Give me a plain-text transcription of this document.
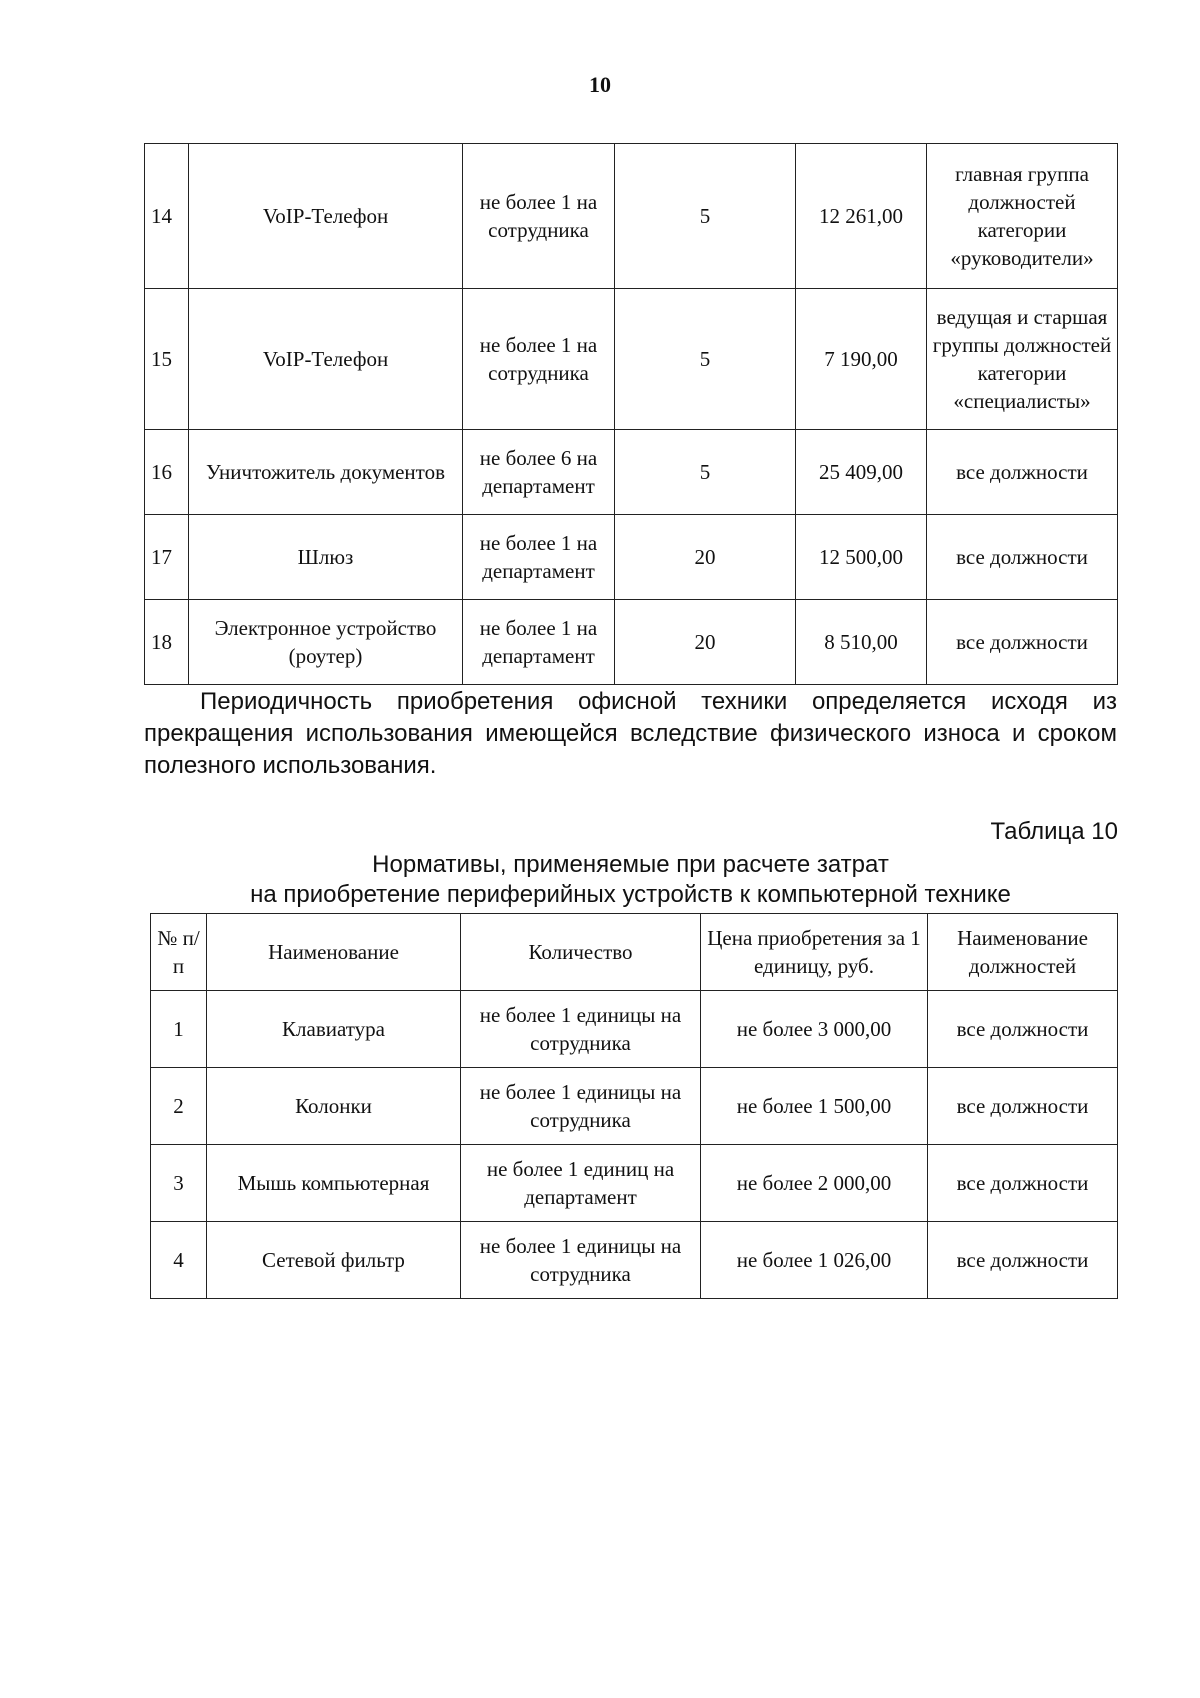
10
14	VoIP-Телефон	не более 1 на сотрудника	5	12 261,00	главная группа должностей категории «руководители»
15	VoIP-Телефон	не более 1 на сотрудника	5	7 190,00	ведущая и старшая группы должностей категории «специалисты»
16	Уничтожитель документов	не более 6 на департамент	5	25 409,00	все должности
17	Шлюз	не более 1 на департамент	20	12 500,00	все должности
18	Электронное устройство (роутер)	не более 1 на департамент	20	8 510,00	все должности

Периодичность приобретения офисной техники определяется исходя из прекращения использования имеющейся вследствие физического износа и сроком полезного использования.

Таблица 10
Нормативы, применяемые при расчете затрат
на приобретение периферийных устройств к компьютерной технике
№ п/п	Наименование	Количество	Цена приобретения за 1 единицу, руб.	Наименование должностей
1	Клавиатура	не более 1 единицы на сотрудника	не более 3 000,00	все должности
2	Колонки	не более 1 единицы на сотрудника	не более 1 500,00	все должности
3	Мышь компьютерная	не более 1 единиц на департамент	не более 2 000,00	все должности
4	Сетевой фильтр	не более 1 единицы на сотрудника	не более 1 026,00	все должности
